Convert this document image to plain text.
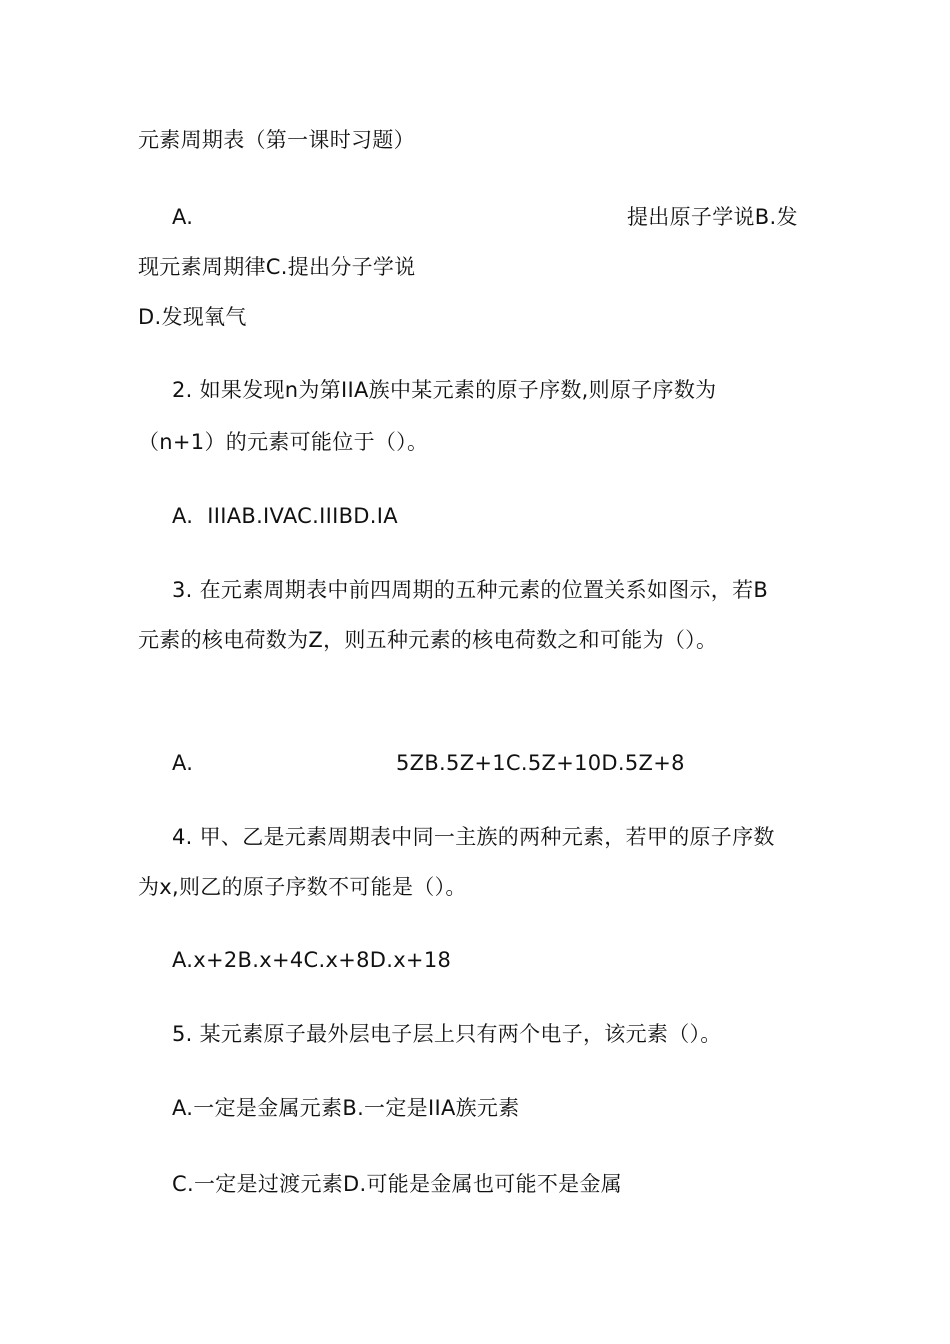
元素周期表（第一课时习题）
A.	提出原子学说B.发
现元素周期律C.提出分子学说
D.发现氧气
2. 如果发现n为第IIA族中某元素的原子序数,则原子序数为
（n+1）的元素可能位于（）。
A.  IIIAB.IVAC.IIIBD.IA
3. 在元素周期表中前四周期的五种元素的位置关系如图示，若B
元素的核电荷数为Z，则五种元素的核电荷数之和可能为（）。
A.	5ZB.5Z+1C.5Z+10D.5Z+8
4. 甲、乙是元素周期表中同一主族的两种元素，若甲的原子序数
为x,则乙的原子序数不可能是（）。
A.x+2B.x+4C.x+8D.x+18
5. 某元素原子最外层电子层上只有两个电子，该元素（）。
A.一定是金属元素B.一定是IIA族元素
C.一定是过渡元素D.可能是金属也可能不是金属
